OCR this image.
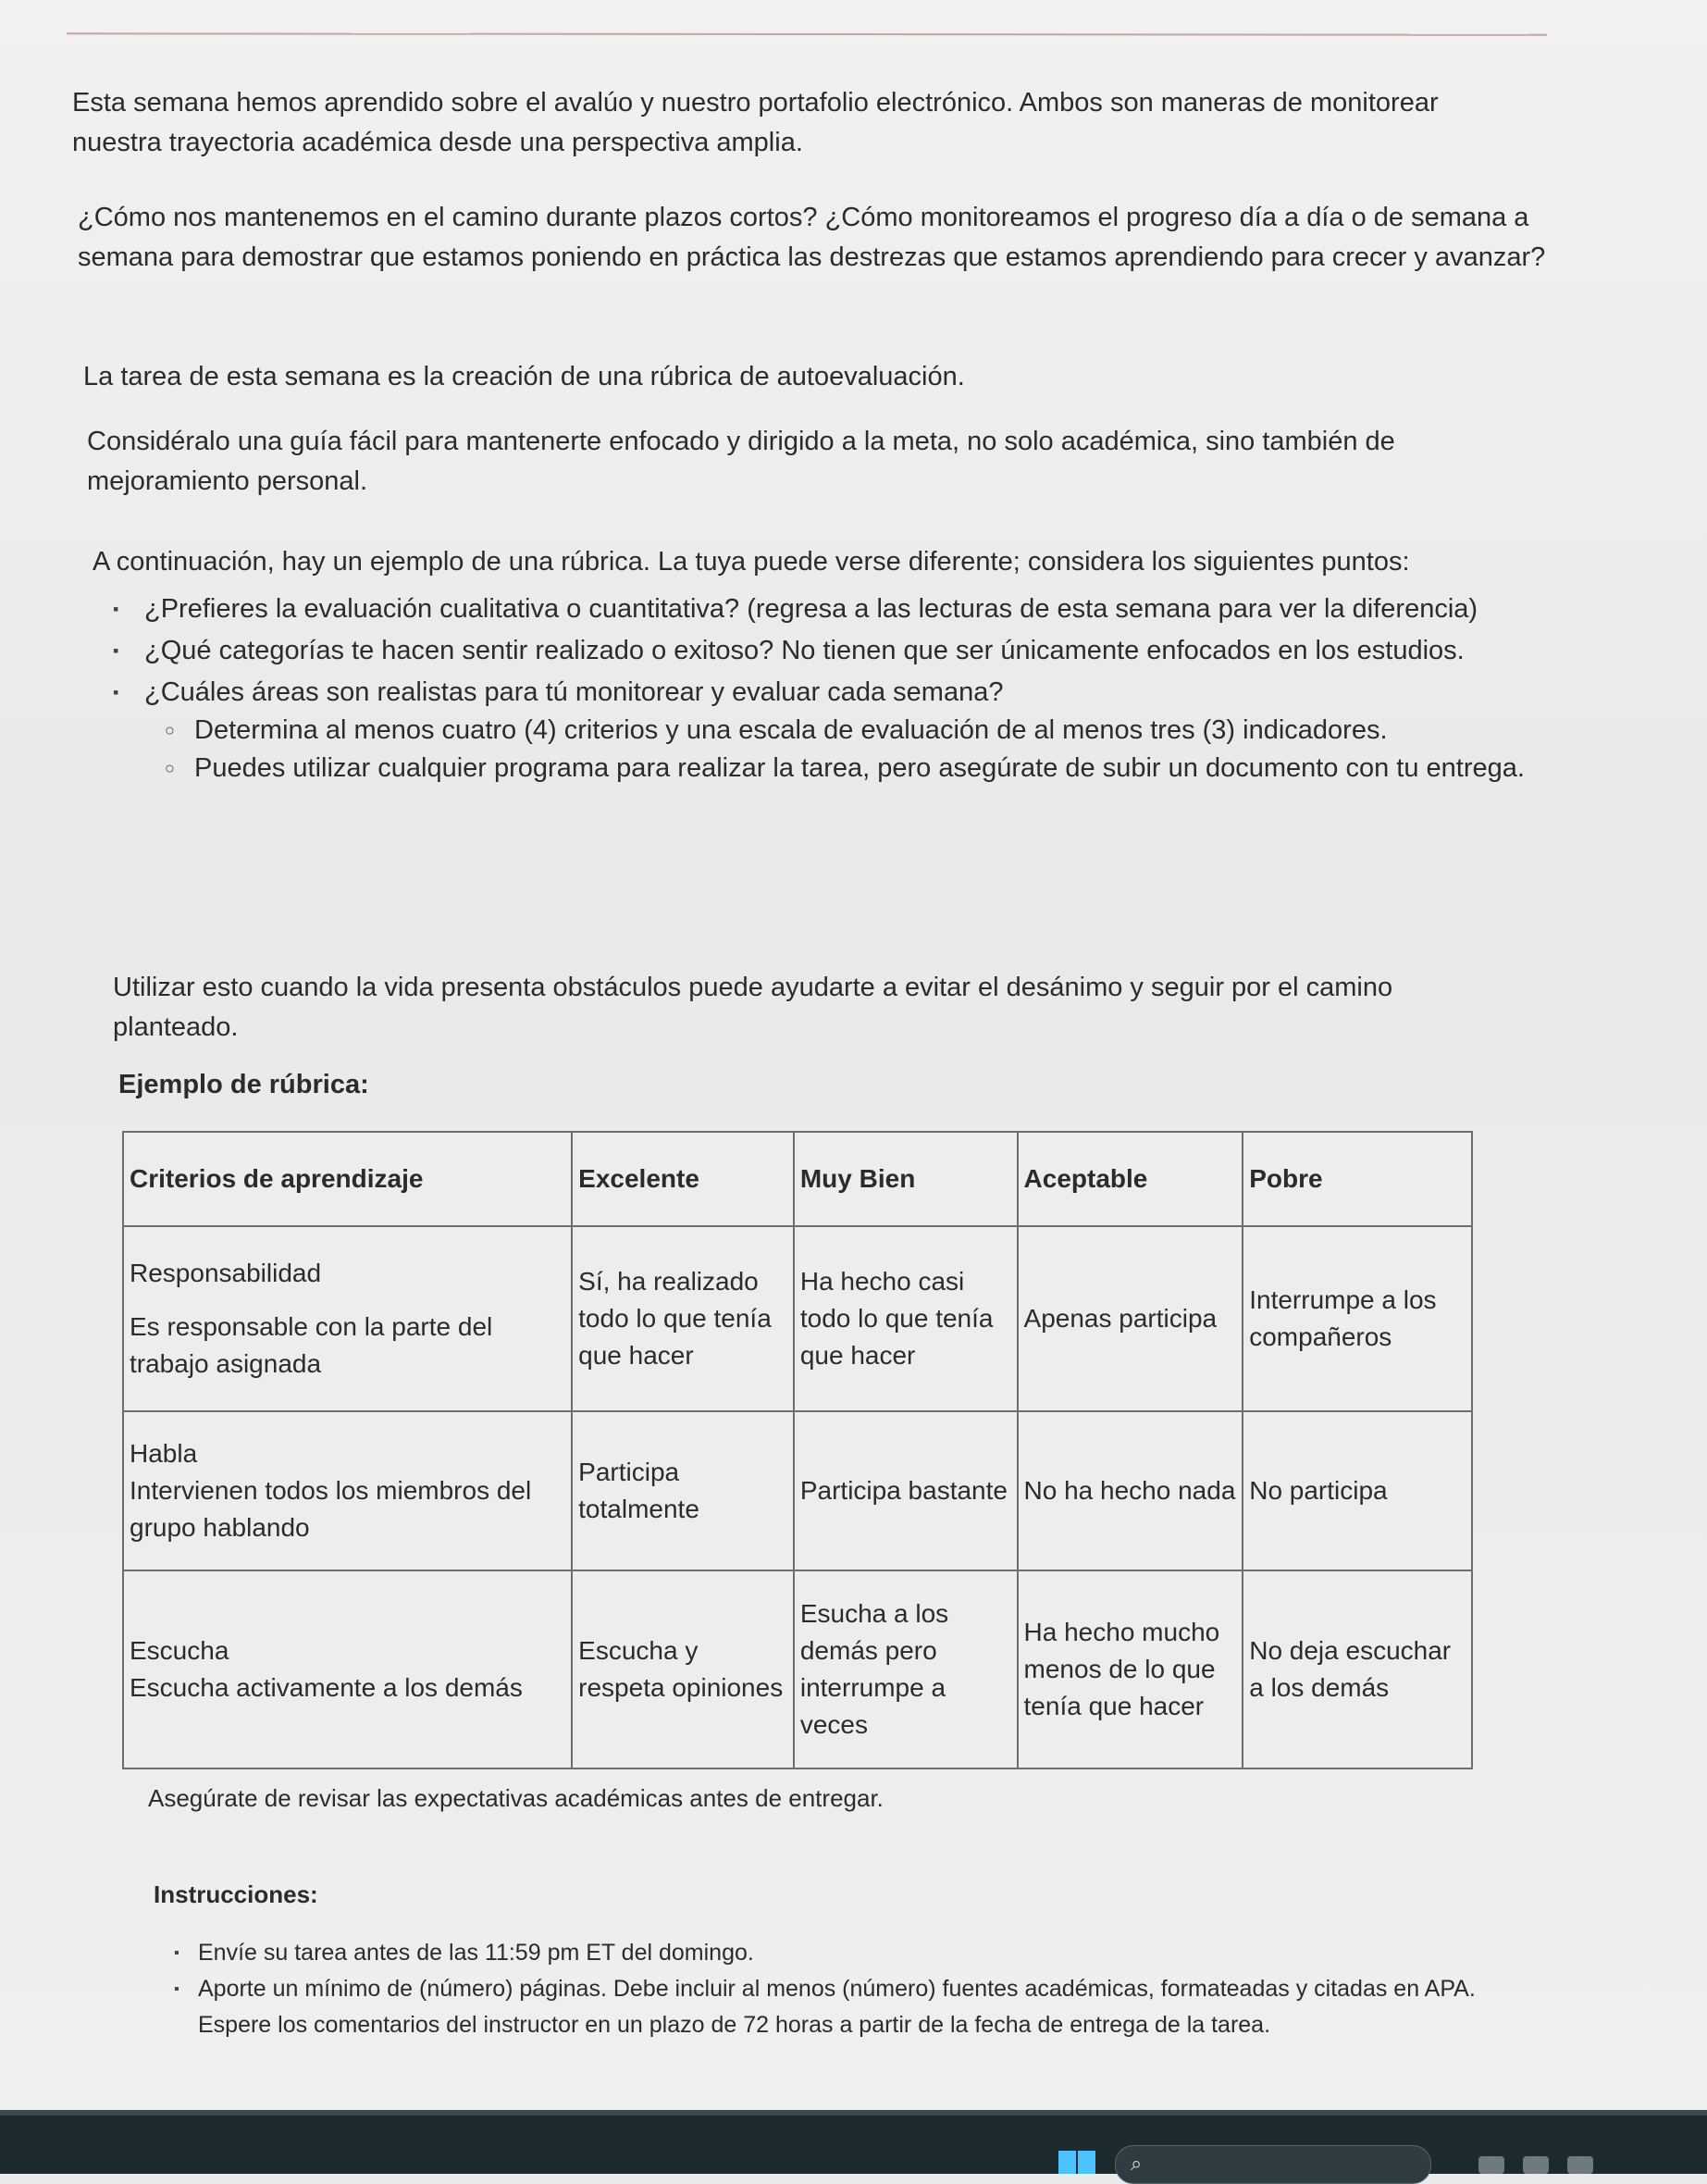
Esta semana hemos aprendido sobre el avalúo y nuestro portafolio electrónico. Ambos son maneras de monitorear nuestra trayectoria académica desde una perspectiva amplia.

¿Cómo nos mantenemos en el camino durante plazos cortos? ¿Cómo monitoreamos el progreso día a día o de semana a semana para demostrar que estamos poniendo en práctica las destrezas que estamos aprendiendo para crecer y avanzar?

La tarea de esta semana es la creación de una rúbrica de autoevaluación.

Considéralo una guía fácil para mantenerte enfocado y dirigido a la meta, no solo académica, sino también de mejoramiento personal.

A continuación, hay un ejemplo de una rúbrica. La tuya puede verse diferente; considera los siguientes puntos:

▪ ¿Prefieres la evaluación cualitativa o cuantitativa? (regresa a las lecturas de esta semana para ver la diferencia)
▪ ¿Qué categorías te hacen sentir realizado o exitoso? No tienen que ser únicamente enfocados en los estudios.
▪ ¿Cuáles áreas son realistas para tú monitorear y evaluar cada semana?
○ Determina al menos cuatro (4) criterios y una escala de evaluación de al menos tres (3) indicadores.
○ Puedes utilizar cualquier programa para realizar la tarea, pero asegúrate de subir un documento con tu entrega.

Utilizar esto cuando la vida presenta obstáculos puede ayudarte a evitar el desánimo y seguir por el camino planteado.

Ejemplo de rúbrica:

Criterios de aprendizaje	Excelente	Muy Bien	Aceptable	Pobre

Responsabilidad
Es responsable con la parte del trabajo asignada	Sí, ha realizado todo lo que tenía que hacer	Ha hecho casi todo lo que tenía que hacer	Apenas participa	Interrumpe a los compañeros

Habla
Intervienen todos los miembros del grupo hablando	Participa totalmente	Participa bastante	No ha hecho nada	No participa

Escucha
Escucha activamente a los demás	Escucha y respeta opiniones	Esucha a los demás pero interrumpe a veces	Ha hecho mucho menos de lo que tenía que hacer	No deja escuchar a los demás

Asegúrate de revisar las expectativas académicas antes de entregar.

Instrucciones:

▪ Envíe su tarea antes de las 11:59 pm ET del domingo.
▪ Aporte un mínimo de (número) páginas. Debe incluir al menos (número) fuentes académicas, formateadas y citadas en APA.
Espere los comentarios del instructor en un plazo de 72 horas a partir de la fecha de entrega de la tarea.
⌕
